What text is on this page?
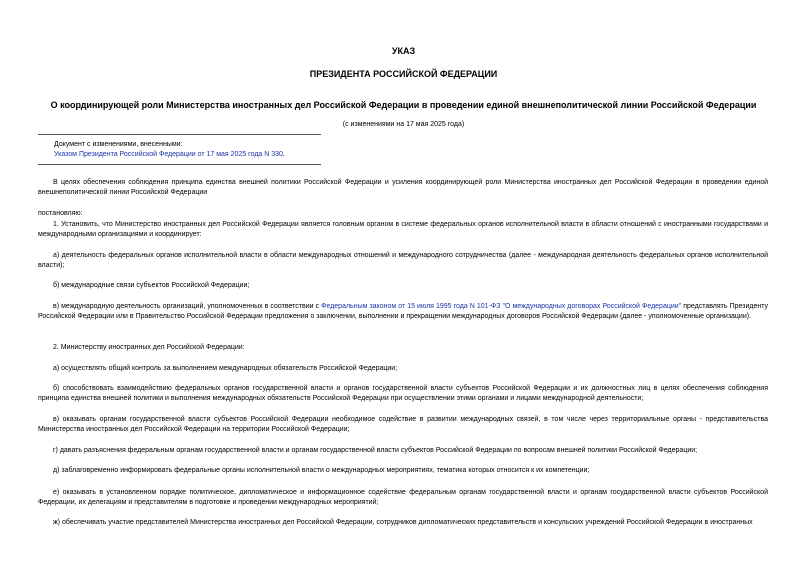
УКАЗ
ПРЕЗИДЕНТА РОССИЙСКОЙ ФЕДЕРАЦИИ
О координирующей роли Министерства иностранных дел Российской Федерации в проведении единой внешнеполитической линии Российской Федерации
(с изменениями на 17 мая 2025 года)
Документ с изменениями, внесенными:
Указом Президента Российской Федерации от 17 мая 2025 года N 330.
В целях обеспечения соблюдения принципа единства внешней политики Российской Федерации и усиления координирующей роли Министерства иностранных дел Российской Федерации в проведении единой внешнеполитической линии Российской Федерации
постановляю:
1. Установить, что Министерство иностранных дел Российской Федерации является головным органом в системе федеральных органов исполнительной власти в области отношений с иностранными государствами и международными организациями и координирует:
а) деятельность федеральных органов исполнительной власти в области международных отношений и международного сотрудничества (далее - международная деятельность федеральных органов исполнительной власти);
б) международные связи субъектов Российской Федерации;
в) международную деятельность организаций, уполномоченных в соответствии с Федеральным законом от 15 июля 1995 года N 101-ФЗ "О международных договорах Российской Федерации" представлять Президенту Российской Федерации или в Правительство Российской Федерации предложения о заключении, выполнении и прекращении международных договоров Российской Федерации (далее - уполномоченные организации).
2. Министерству иностранных дел Российской Федерации:
а) осуществлять общий контроль за выполнением международных обязательств Российской Федерации;
б) способствовать взаимодействию федеральных органов государственной власти и органов государственной власти субъектов Российской Федерации и их должностных лиц в целях обеспечения соблюдения принципа единства внешней политики и выполнения международных обязательств Российской Федерации при осуществлении этими органами и лицами международной деятельности;
в) оказывать органам государственной власти субъектов Российской Федерации необходимое содействие в развитии международных связей, в том числе через территориальные органы - представительства Министерства иностранных дел Российской Федерации на территории Российской Федерации;
г) давать разъяснения федеральным органам государственной власти и органам государственной власти субъектов Российской Федерации по вопросам внешней политики Российской Федерации;
д) заблаговременно информировать федеральные органы исполнительной власти о международных мероприятиях, тематика которых относится к их компетенции;
е) оказывать в установленном порядке политическое, дипломатическое и информационное содействие федеральным органам государственной власти и органам государственной власти субъектов Российской Федерации, их делегациям и представителям в подготовке и проведении международных мероприятий;
ж) обеспечивать участие представителей Министерства иностранных дел Российской Федерации, сотрудников дипломатических представительств и консульских учреждений Российской Федерации в иностранных
